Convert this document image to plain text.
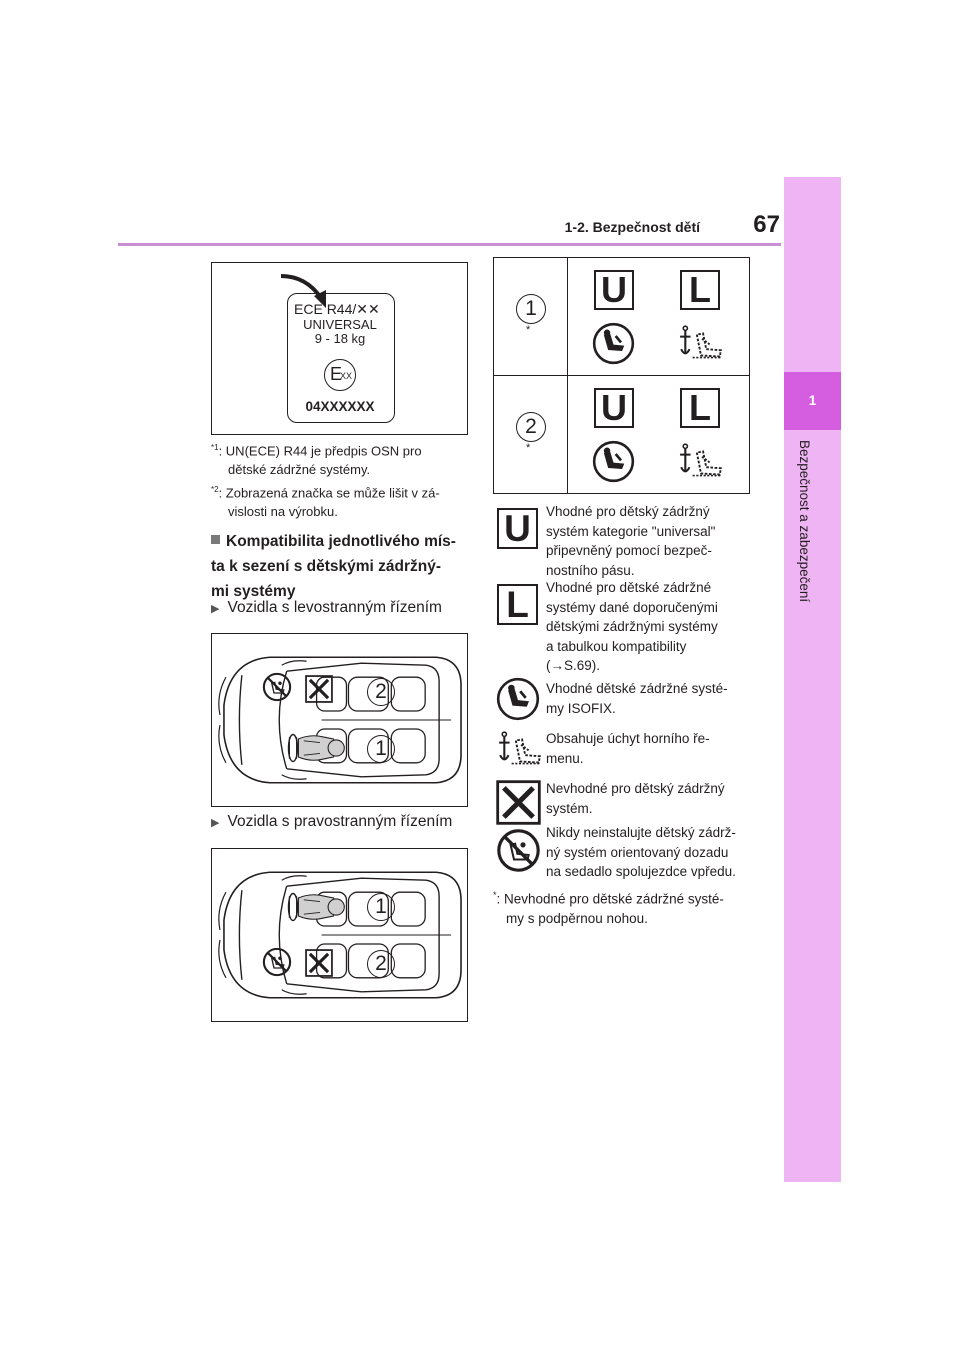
1-2. Bezpečnost dětí	67
1
Bezpečnost a zabezpečení
ECE R44/✕✕
UNIVERSAL
9 - 18 kg
E
XX
04XXXXXX
$^{*1}$: UN(ECE) R44 je předpis OSN pro
dětské zádržné systémy.
$^{*2}$: Zobrazená značka se může lišit v zá-
vislosti na výrobku.
Kompatibilita jednotlivého mís-
ta k sezení s dětskými zádržný-
mi systémy
▶ Vozidla s levostranným řízením
2
1
▶ Vozidla s pravostranným řízením
1
2
1
*
U L
2
*
U L
U	Vhodné pro dětský zádržný
systém kategorie "universal"
připevněný pomocí bezpeč-
nostního pásu.
L	Vhodné pro dětské zádržné
systémy dané doporučenými
dětskými zádržnými systémy
a tabulkou kompatibility
(→S.69).
Vhodné dětské zádržné systé-
my ISOFIX.
Obsahuje úchyt horního ře-
menu.
Nevhodné pro dětský zádržný
systém.
Nikdy neinstalujte dětský zádrž-
ný systém orientovaný dozadu
na sedadlo spolujezdce vpředu.
*: Nevhodné pro dětské zádržné systé-
my s podpěrnou nohou.
